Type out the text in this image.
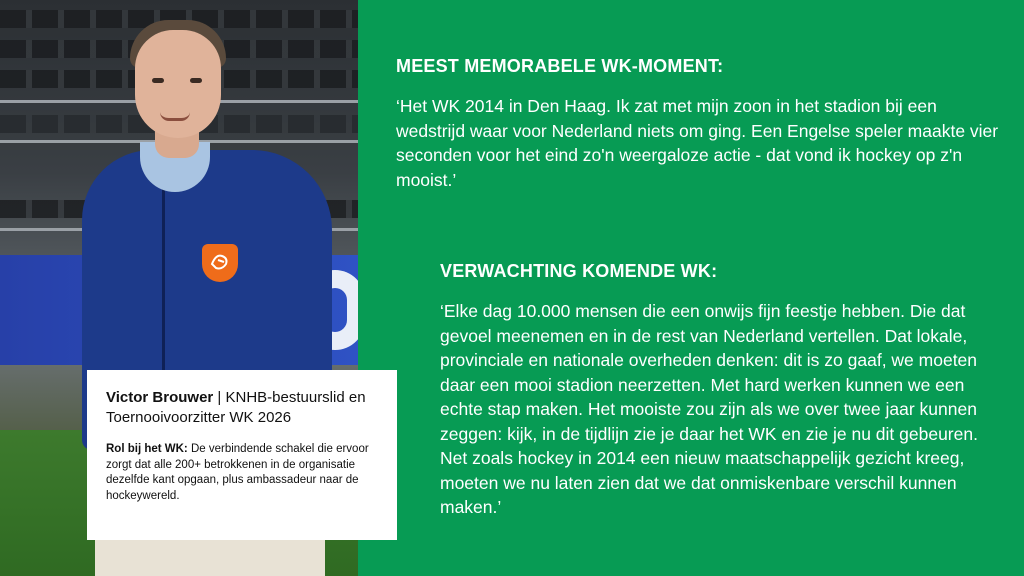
Victor Brouwer | KNHB-bestuurslid en Toernooivoorzitter WK 2026
Rol bij het WK: De verbindende schakel die ervoor zorgt dat alle 200+ betrokkenen in de organisatie dezelfde kant opgaan, plus ambassadeur naar de hockeywereld.
MEEST MEMORABELE WK-MOMENT:
‘Het WK 2014 in Den Haag. Ik zat met mijn zoon in het stadion bij een wedstrijd waar voor Nederland niets om ging. Een Engelse speler maakte vier seconden voor het eind zo'n weergaloze actie - dat vond ik hockey op z'n mooist.’
VERWACHTING KOMENDE WK:
‘Elke dag 10.000 mensen die een onwijs fijn feestje hebben. Die dat gevoel meenemen en in de rest van Nederland vertellen. Dat lokale, provinciale en nationale overheden denken: dit is zo gaaf, we moeten daar een mooi stadion neerzetten. Met hard werken kunnen we een echte stap maken. Het mooiste zou zijn als we over twee jaar kunnen zeggen: kijk, in de tijdlijn zie je daar het WK en zie je nu dit gebeuren. Net zoals hockey in 2014 een nieuw maatschappelijk gezicht kreeg, moeten we nu laten zien dat we dat onmiskenbare verschil kunnen maken.’
